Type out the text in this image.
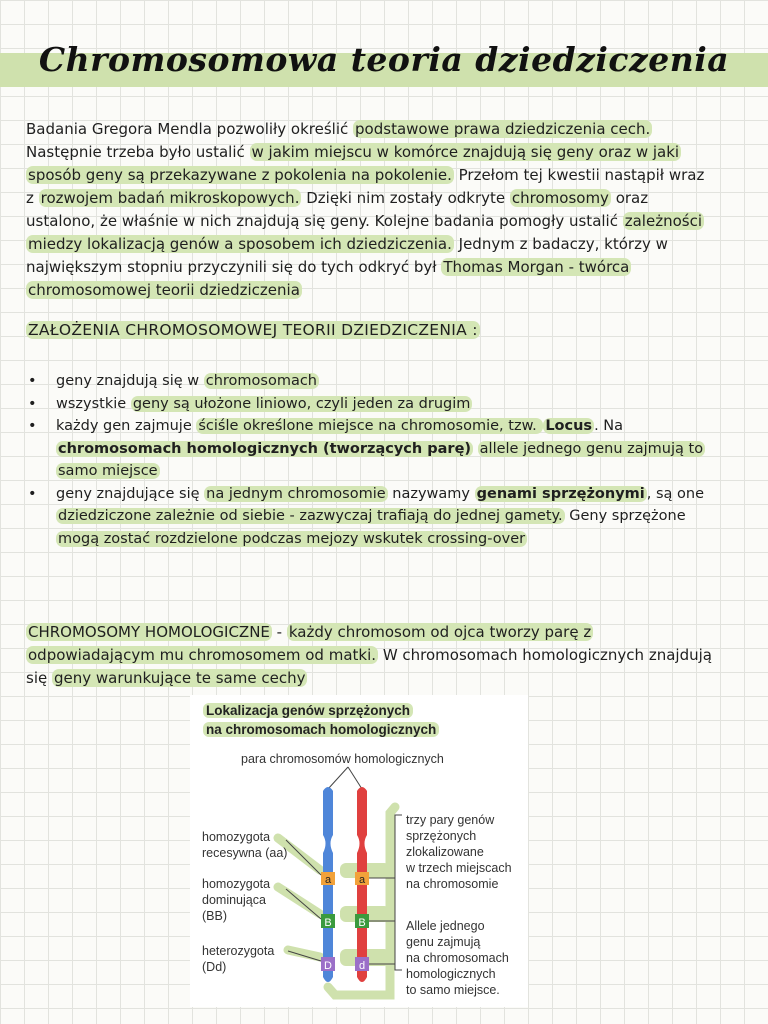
Chromosomowa teoria dziedziczenia
Badania Gregora Mendla pozwoliły określić podstawowe prawa dziedziczenia cech. Następnie trzeba było ustalić w jakim miejscu w komórce znajdują się geny oraz w jaki sposób geny są przekazywane z pokolenia na pokolenie. Przełom tej kwestii nastąpił wraz z rozwojem badań mikroskopowych. Dzięki nim zostały odkryte chromosomy oraz ustalono, że właśnie w nich znajdują się geny. Kolejne badania pomogły ustalić zależności miedzy lokalizacją genów a sposobem ich dziedziczenia. Jednym z badaczy, którzy w największym stopniu przyczynili się do tych odkryć był Thomas Morgan - twórca chromosomowej teorii dziedziczenia
ZAŁOŻENIA CHROMOSOMOWEJ TEORII DZIEDZICZENIA :
• geny znajdują się w chromosomach
• wszystkie geny są ułożone liniowo, czyli jeden za drugim
• każdy gen zajmuje ściśle określone miejsce na chromosomie, tzw. Locus . Na chromosomach homologicznych (tworzących parę) allele jednego genu zajmują to samo miejsce
• geny znajdujące się na jednym chromosomie nazywamy genami sprzężonymi , są one dziedziczone zależnie od siebie - zazwyczaj trafiają do jednej gamety. Geny sprzężone mogą zostać rozdzielone podczas mejozy wskutek crossing-over
CHROMOSOMY HOMOLOGICZNE - każdy chromosom od ojca tworzy parę z odpowiadającym mu chromosomem od matki. W chromosomach homologicznych znajdują się geny warunkujące te same cechy
Lokalizacja genów sprzężonych
na chromosomach homologicznych
a	a
B B
D d
para chromosomów homologicznych
homozygota
recesywna (aa)
homozygota
dominująca
(BB)
heterozygota
(Dd)
trzy pary genów
sprzężonych
zlokalizowane
w trzech miejscach
na chromosomie
Allele jednego
genu zajmują
na chromosomach
homologicznych
to samo miejsce.
